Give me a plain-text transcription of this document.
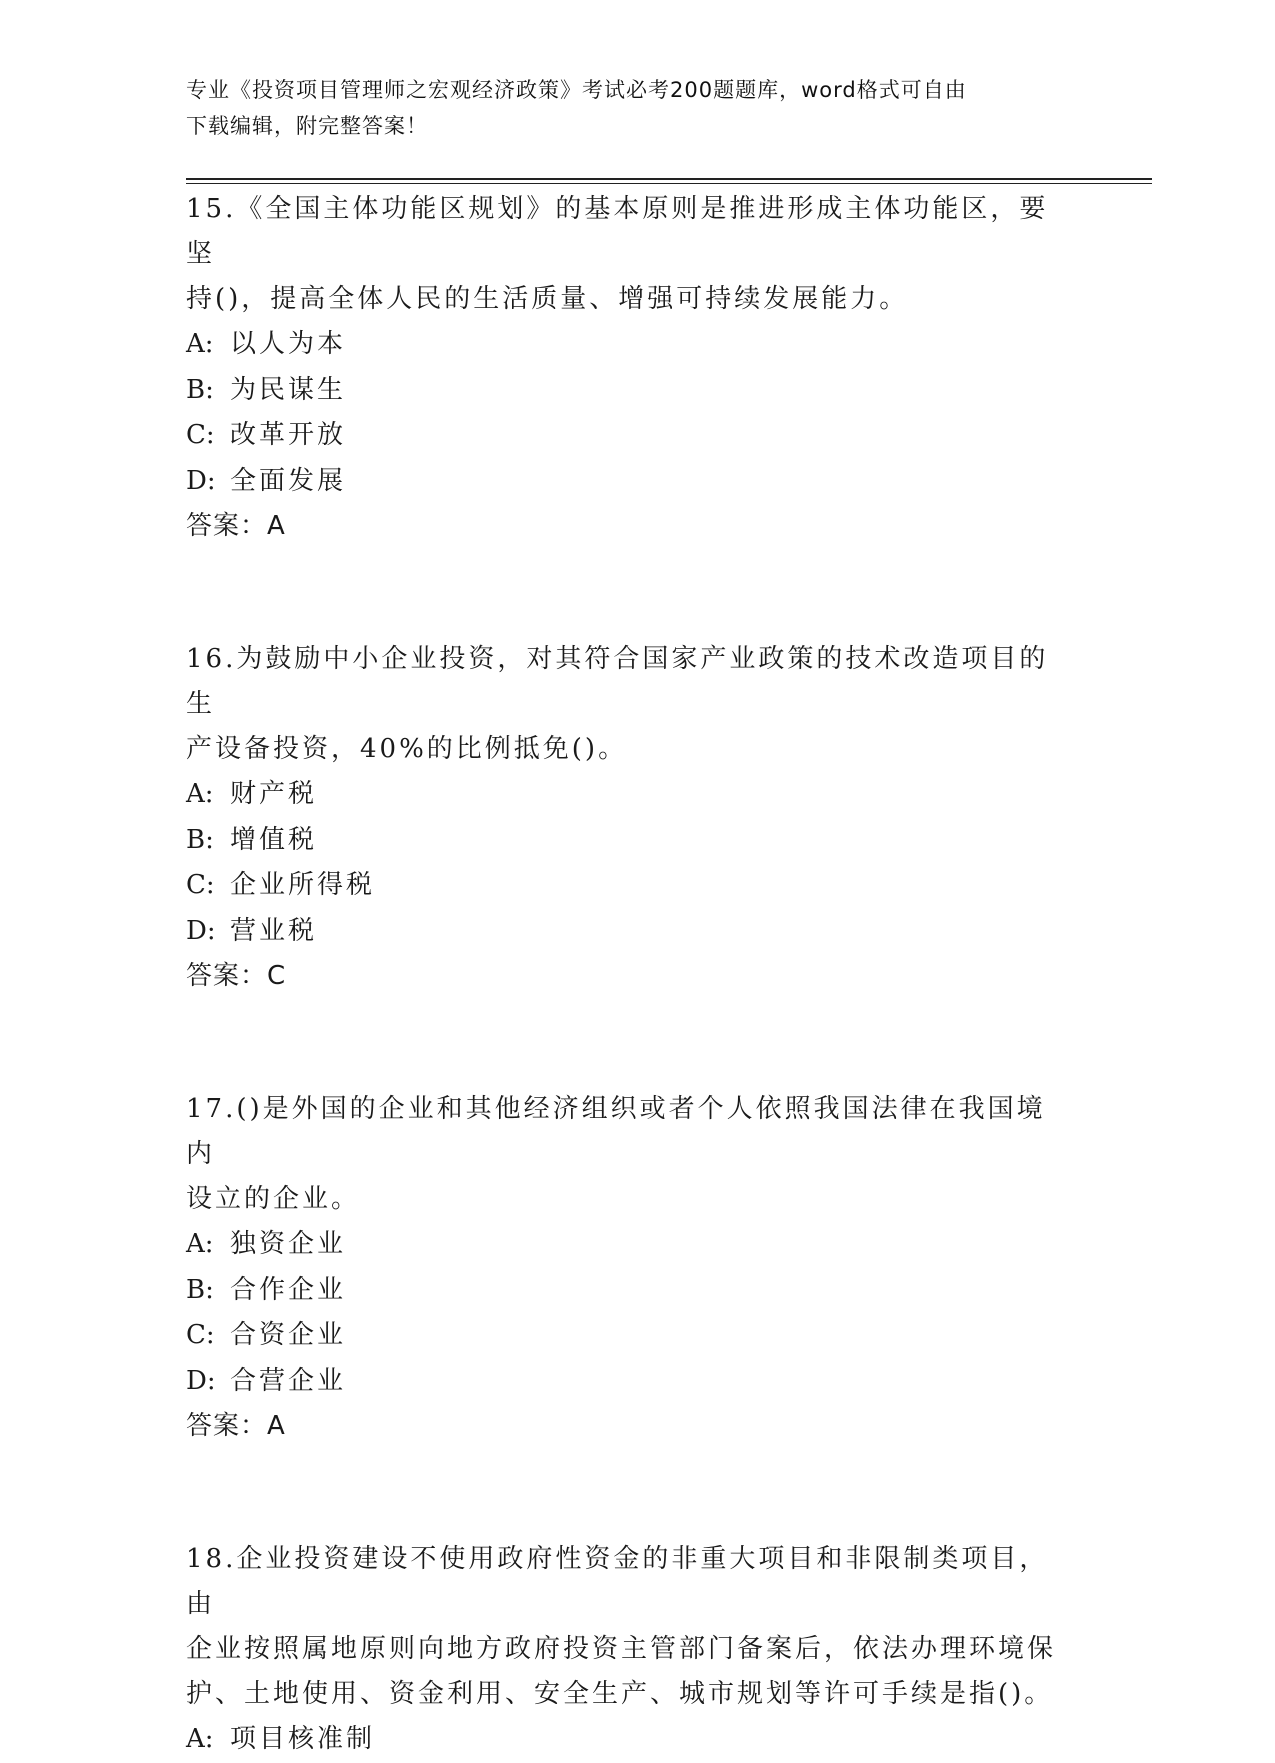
专业《投资项目管理师之宏观经济政策》考试必考200题题库，word格式可自由
下载编辑，附完整答案！
15.《全国主体功能区规划》的基本原则是推进形成主体功能区，要坚
持()，提高全体人民的生活质量、增强可持续发展能力。
A: 以人为本
B: 为民谋生
C: 改革开放
D: 全面发展
答案：A
16.为鼓励中小企业投资，对其符合国家产业政策的技术改造项目的生
产设备投资，40%的比例抵免()。
A: 财产税
B: 增值税
C: 企业所得税
D: 营业税
答案：C
17.()是外国的企业和其他经济组织或者个人依照我国法律在我国境内
设立的企业。
A: 独资企业
B: 合作企业
C: 合资企业
D: 合营企业
答案：A
18.企业投资建设不使用政府性资金的非重大项目和非限制类项目，由
企业按照属地原则向地方政府投资主管部门备案后，依法办理环境保
护、土地使用、资金利用、安全生产、城市规划等许可手续是指()。
A: 项目核准制
